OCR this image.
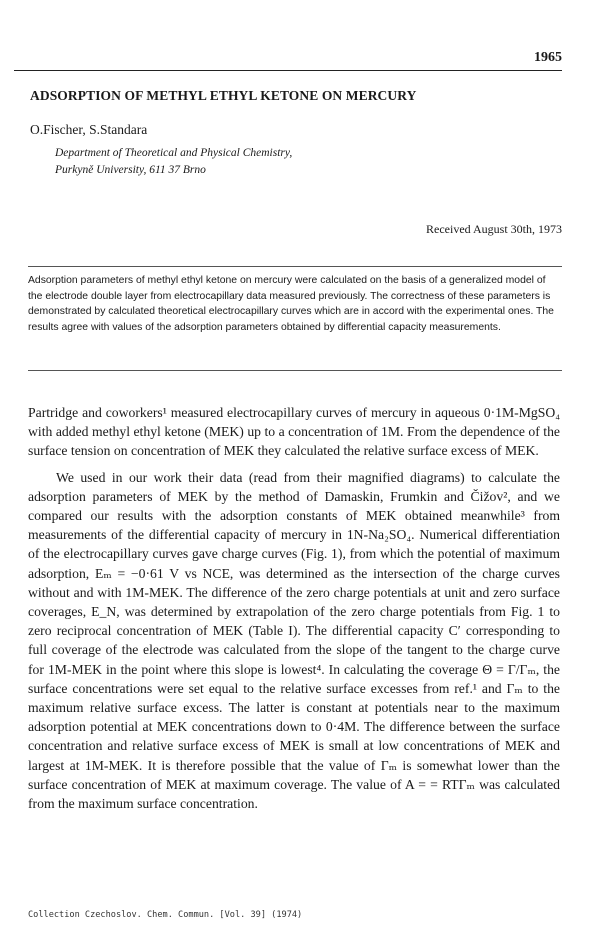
1965
ADSORPTION OF METHYL ETHYL KETONE ON MERCURY
O.Fischer, S.Standara
Department of Theoretical and Physical Chemistry,
Purkyně University, 611 37 Brno
Received August 30th, 1973
Adsorption parameters of methyl ethyl ketone on mercury were calculated on the basis of a generalized model of the electrode double layer from electrocapillary data measured previously. The correctness of these parameters is demonstrated by calculated theoretical electrocapillary curves which are in accord with the experimental ones. The results agree with values of the adsorption parameters obtained by differential capacity measurements.

Partridge and coworkers¹ measured electrocapillary curves of mercury in aqueous 0·1M-MgSO₄ with added methyl ethyl ketone (MEK) up to a concentration of 1M. From the dependence of the surface tension on concentration of MEK they calculated the relative surface excess of MEK.

We used in our work their data (read from their magnified diagrams) to calculate the adsorption parameters of MEK by the method of Damaskin, Frumkin and Čižov², and we compared our results with the adsorption constants of MEK obtained meanwhile³ from measurements of the differential capacity of mercury in 1N-Na₂SO₄. Numerical differentiation of the electrocapillary curves gave charge curves (Fig. 1), from which the potential of maximum adsorption, Eₘ = −0·61 V vs NCE, was determined as the intersection of the charge curves without and with 1M-MEK. The difference of the zero charge potentials at unit and zero surface coverages, E_N, was determined by extrapolation of the zero charge potentials from Fig. 1 to zero reciprocal concentration of MEK (Table I). The differential capacity C′ corresponding to full coverage of the electrode was calculated from the slope of the tangent to the charge curve for 1M-MEK in the point where this slope is lowest⁴. In calculating the coverage Θ = Γ/Γₘ, the surface concentrations were set equal to the relative surface excesses from ref.¹ and Γₘ to the maximum relative surface excess. The latter is constant at potentials near to the maximum adsorption potential at MEK concentrations down to 0·4M. The difference between the surface concentration and relative surface excess of MEK is small at low concentrations of MEK and largest at 1M-MEK. It is therefore possible that the value of Γₘ is somewhat lower than the surface concentration of MEK at maximum coverage. The value of A = = RTΓₘ was calculated from the maximum surface concentration.

Collection Czechoslov. Chem. Commun. [Vol. 39] (1974)
